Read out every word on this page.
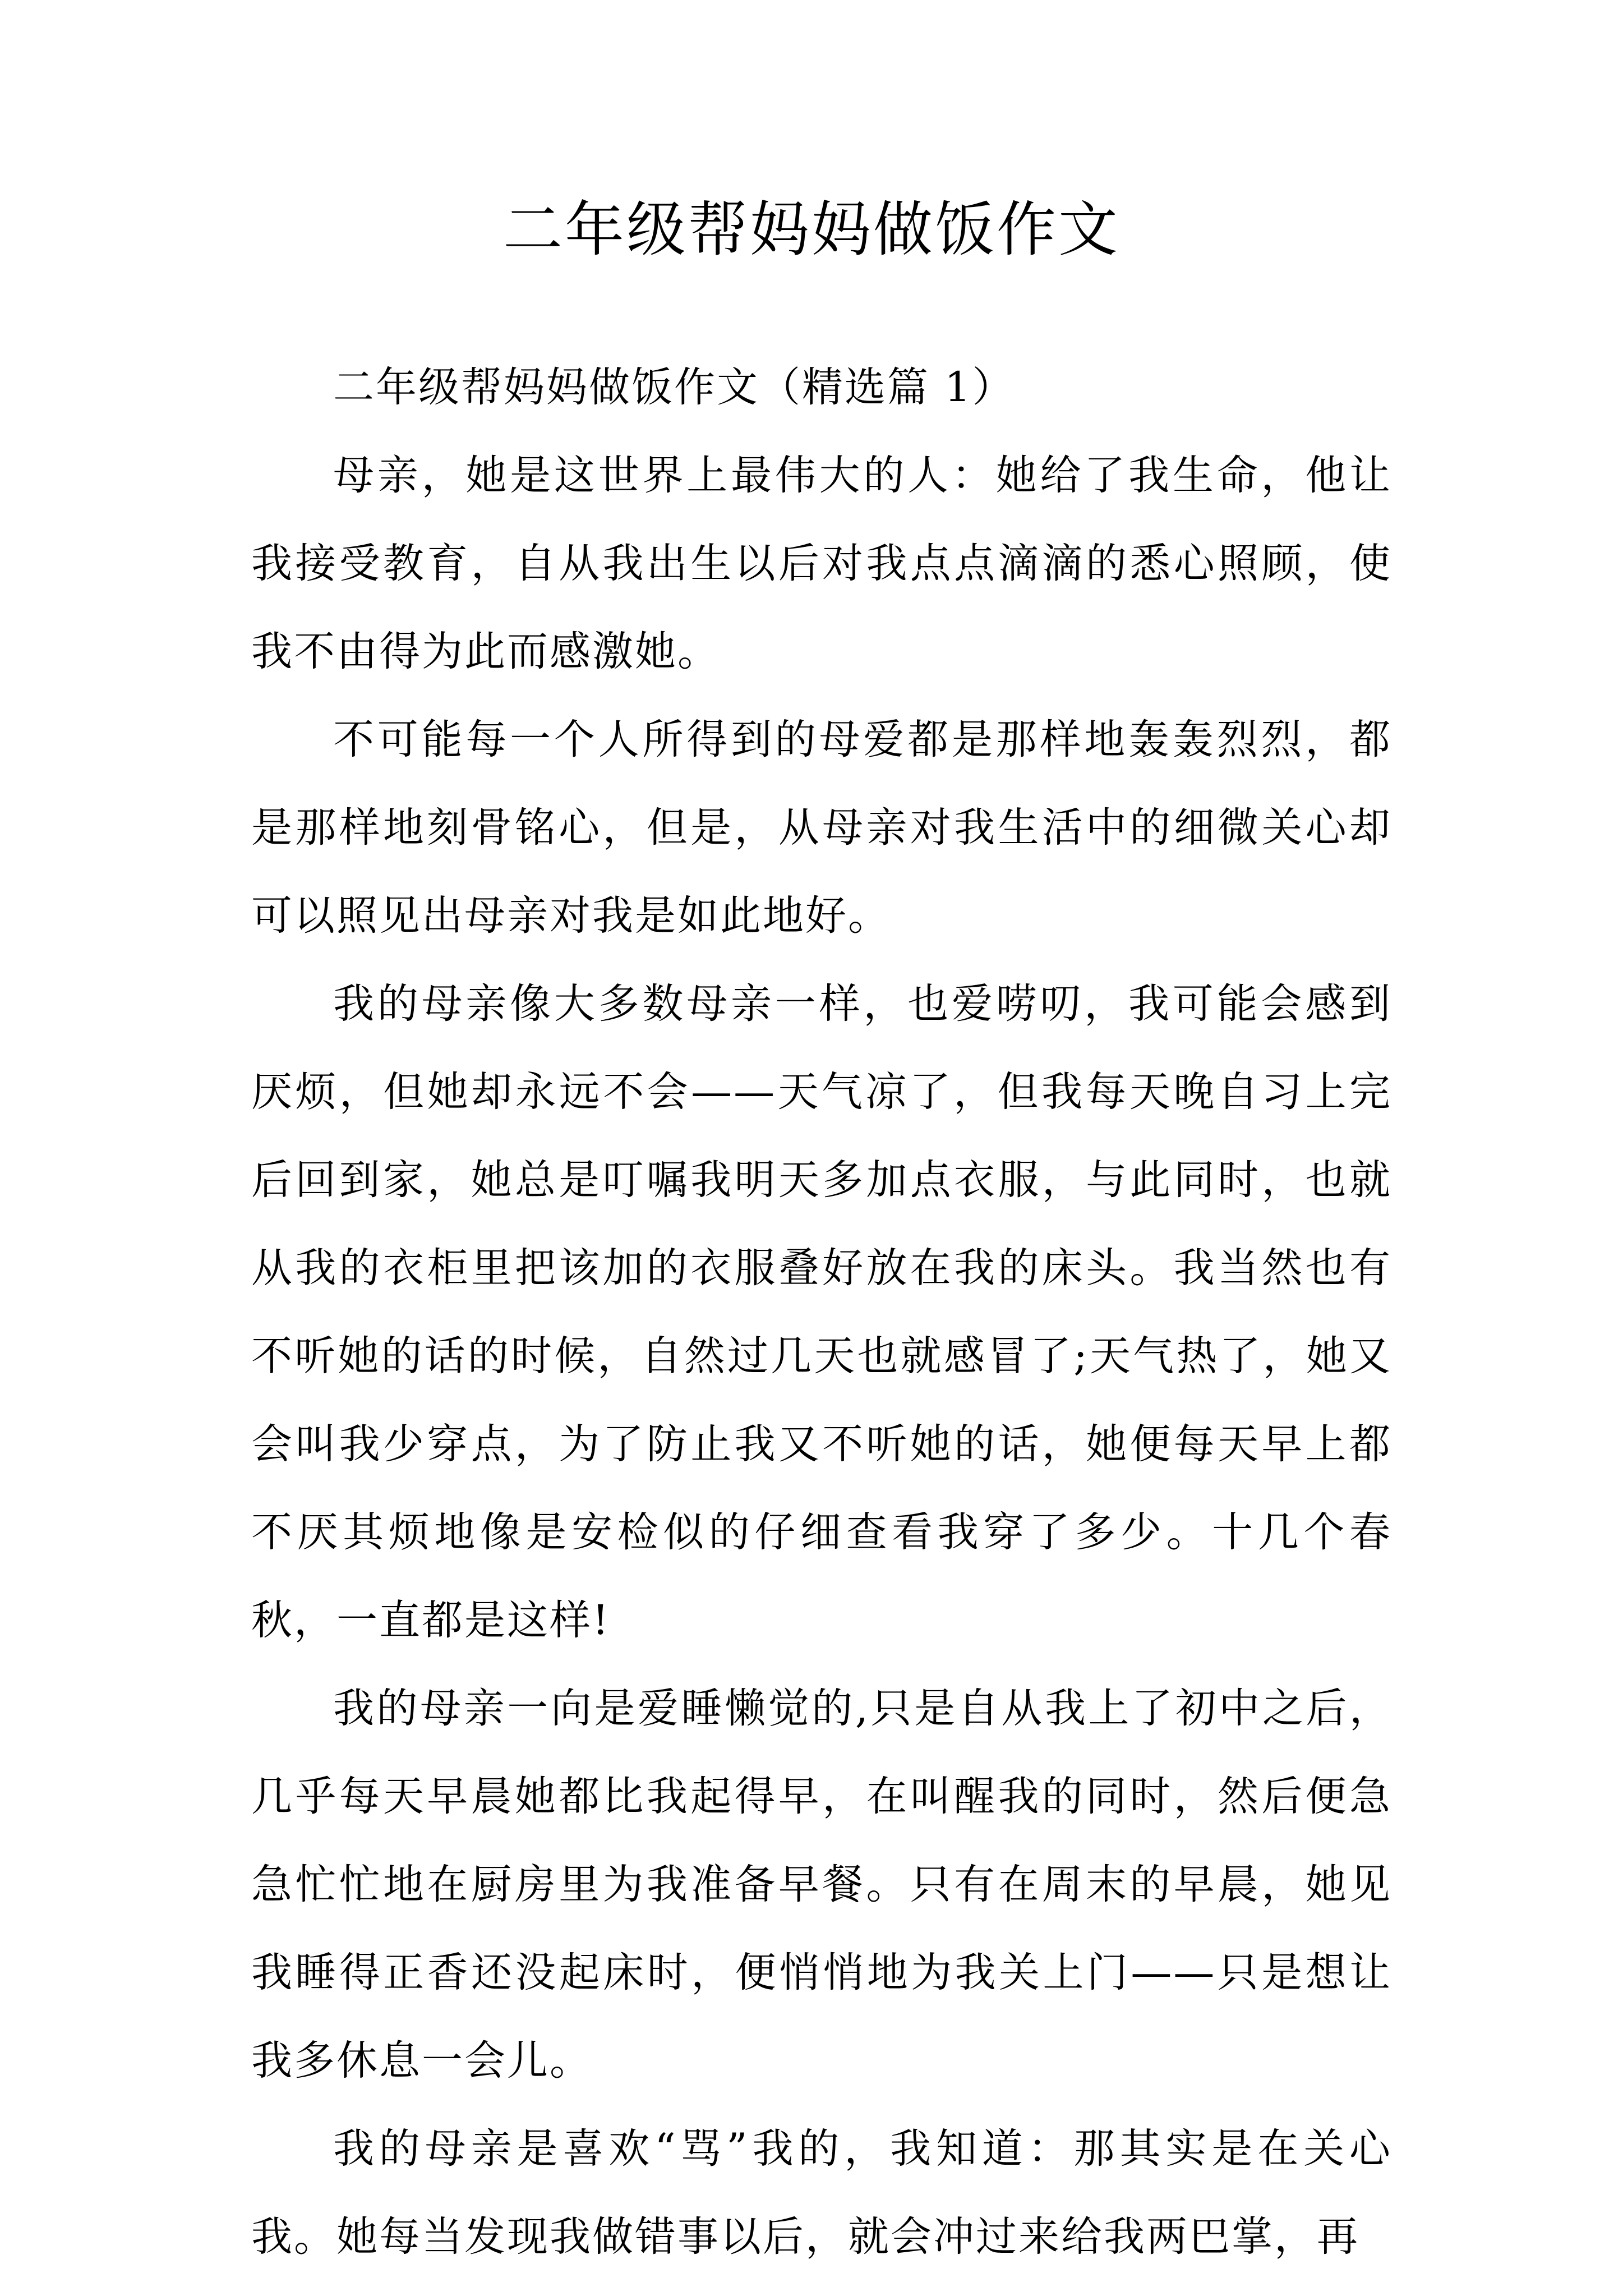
二年级帮妈妈做饭作文

二年级帮妈妈做饭作文（精选篇 1）

母亲，她是这世界上最伟大的人：她给了我生命，他让我接受教育，自从我出生以后对我点点滴滴的悉心照顾，使我不由得为此而感激她。

不可能每一个人所得到的母爱都是那样地轰轰烈烈，都是那样地刻骨铭心，但是，从母亲对我生活中的细微关心却可以照见出母亲对我是如此地好。

我的母亲像大多数母亲一样，也爱唠叨，我可能会感到厌烦，但她却永远不会——天气凉了，但我每天晚自习上完后回到家，她总是叮嘱我明天多加点衣服，与此同时，也就从我的衣柜里把该加的衣服叠好放在我的床头。我当然也有不听她的话的时候，自然过几天也就感冒了;天气热了，她又会叫我少穿点，为了防止我又不听她的话，她便每天早上都不厌其烦地像是安检似的仔细查看我穿了多少。十几个春秋，一直都是这样!

我的母亲一向是爱睡懒觉的,只是自从我上了初中之后，几乎每天早晨她都比我起得早，在叫醒我的同时，然后便急急忙忙地在厨房里为我准备早餐。只有在周末的早晨，她见我睡得正香还没起床时，便悄悄地为我关上门——只是想让我多休息一会儿。

我的母亲是喜欢“骂”我的，我知道：那其实是在关心我。她每当发现我做错事以后，就会冲过来给我两巴掌，再
